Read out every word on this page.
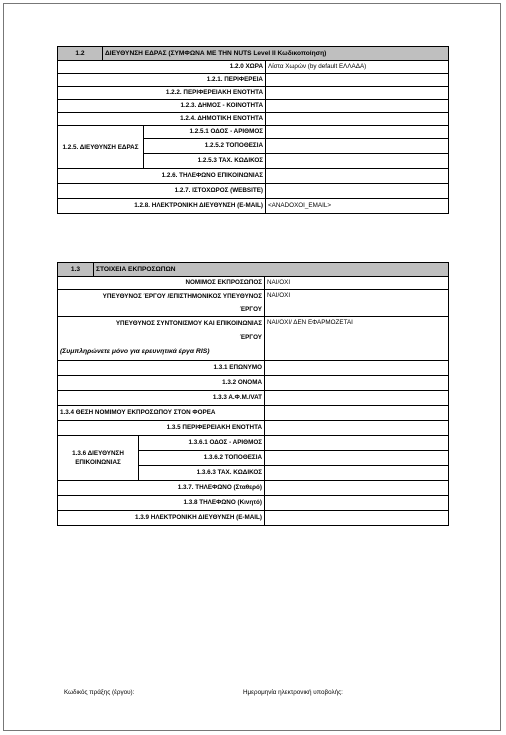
1.2	ΔΙΕΥΘΥΝΣΗ ΕΔΡΑΣ (ΣΥΜΦΩΝΑ ΜΕ ΤΗΝ NUTS Level II Κωδικοποίηση)		
1.2.0 ΧΩΡΑ			Λίστα Χωρών (by default ΕΛΛΑΔΑ)
1.2.1. ΠΕΡΙΦΕΡΕΙΑ			
1.2.2. ΠΕΡΙΦΕΡΕΙΑΚΗ ΕΝΟΤΗΤΑ			
1.2.3. ΔΗΜΟΣ - ΚΟΙΝΟΤΗΤΑ			
1.2.4. ΔΗΜΟΤΙΚΗ ΕΝΟΤΗΤΑ			
1.2.5. ΔΙΕΥΘΥΝΣΗ ΕΔΡΑΣ		1.2.5.1 ΟΔΟΣ - ΑΡΙΘΜΟΣ	
		1.2.5.2 ΤΟΠΟΘΕΣΙΑ	
		1.2.5.3 ΤΑΧ. ΚΩΔΙΚΟΣ	
1.2.6. ΤΗΛΕΦΩΝΟ ΕΠΙΚΟΙΝΩΝΙΑΣ			
1.2.7. ΙΣΤΟΧΩΡΟΣ (WEBSITE)			
1.2.8. ΗΛΕΚΤΡΟΝΙΚΗ ΔΙΕΥΘΥΝΣΗ (E-MAIL)			<ANADOXOI_EMAIL>
1.3	ΣΤΟΙΧΕΙΑ ΕΚΠΡΟΣΩΠΩΝ		
ΝΟΜΙΜΟΣ ΕΚΠΡΟΣΩΠΟΣ			ΝΑΙ/ΟΧΙ

ΥΠΕΥΘΥΝΟΣ ΈΡΓΟΥ /ΕΠΙΣΤΗΜΟΝΙΚΟΣ ΥΠΕΥΘΥΝΟΣ
ΈΡΓΟΥ			ΝΑΙ/ΟΧΙ

ΥΠΕΥΘΥΝΟΣ ΣΥΝΤΟΝΙΣΜΟΥ ΚΑΙ ΕΠΙΚΟΙΝΩΝΙΑΣ
ΈΡΓΟΥ
(Συμπληρώνετε μόνο για ερευνητικά έργα RIS)			ΝΑΙ/ΟΧΙ/ ΔΕΝ ΕΦΑΡΜΟΖΕΤΑΙ
1.3.1 ΕΠΩΝΥΜΟ			
1.3.2 ΟΝΟΜΑ			
1.3.3 Α.Φ.Μ./VAT			
1.3.4 ΘΕΣΗ ΝΟΜΙΜΟΥ ΕΚΠΡΟΣΩΠΟΥ ΣΤΟΝ ΦΟΡΕΑ			
1.3.5 ΠΕΡΙΦΕΡΕΙΑΚΗ ΕΝΟΤΗΤΑ			
1.3.6 ΔΙΕΥΘΥΝΣΗ ΕΠΙΚΟΙΝΩΝΙΑΣ		1.3.6.1 ΟΔΟΣ - ΑΡΙΘΜΟΣ	
		1.3.6.2 ΤΟΠΟΘΕΣΙΑ	
		1.3.6.3 ΤΑΧ. ΚΩΔΙΚΟΣ	
1.3.7. ΤΗΛΕΦΩΝΟ (Σταθερό)			
1.3.8 ΤΗΛΕΦΩΝΟ (Κινητό)			
1.3.9 ΗΛΕΚΤΡΟΝΙΚΗ ΔΙΕΥΘΥΝΣΗ (E-MAIL)			
Κωδικός πράξης (έργου):	Ημερομηνία ηλεκτρονική υποβολής:
